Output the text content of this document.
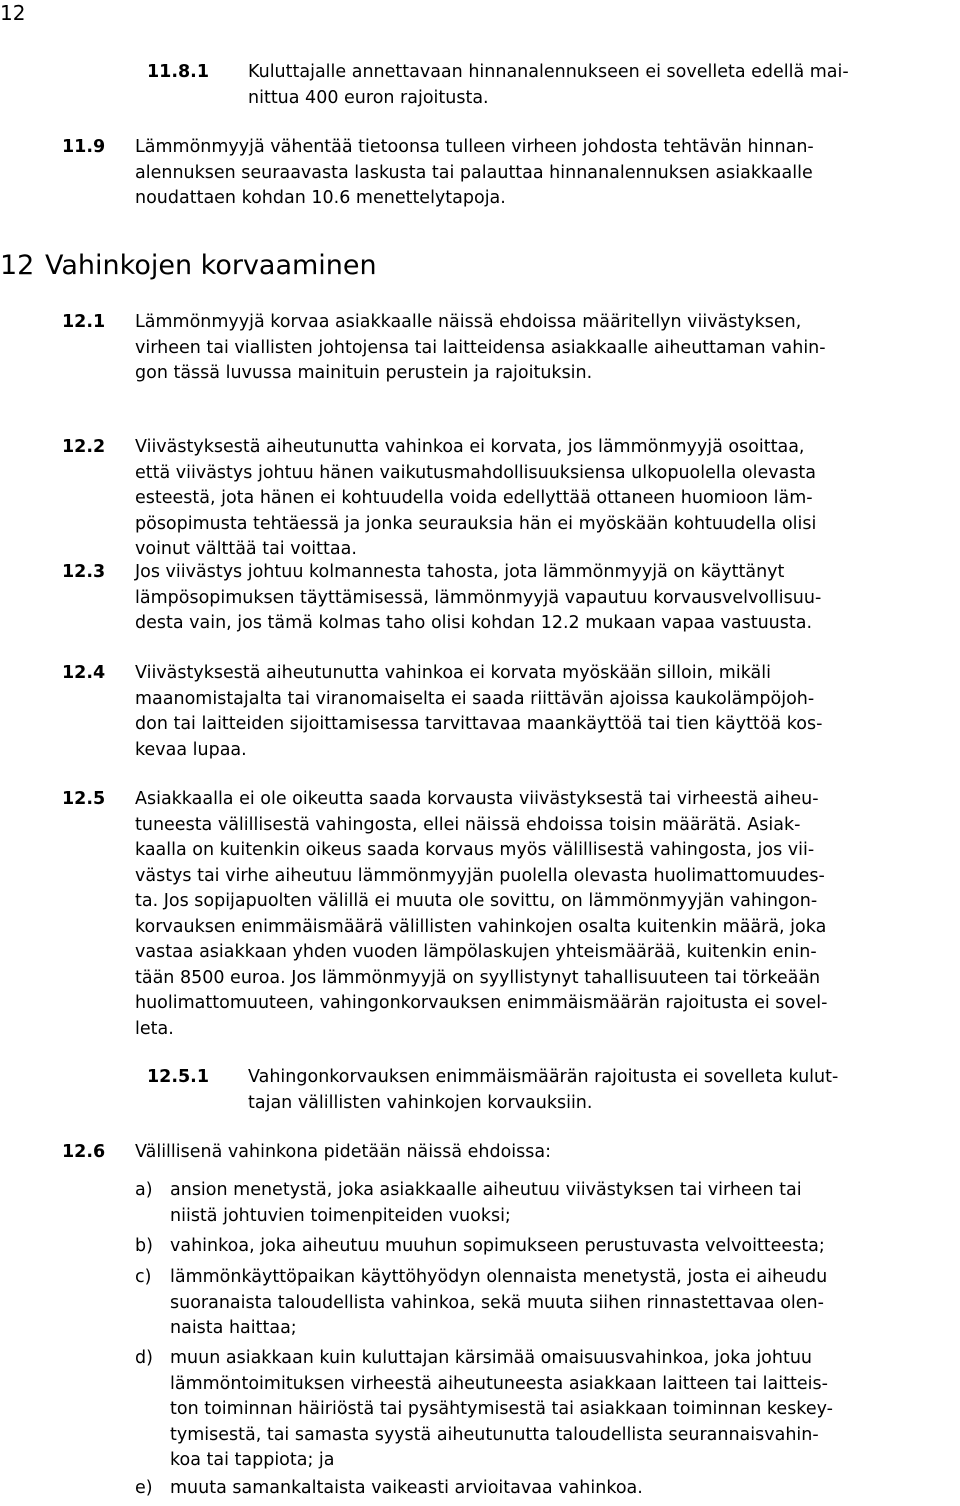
12
11.8.1 Kuluttajalle annettavaan hinnanalennukseen ei sovelleta edellä mai-
nittua 400 euron rajoitusta.
11.9 Lämmönmyyjä vähentää tietoonsa tulleen virheen johdosta tehtävän hinnan-
alennuksen seuraavasta laskusta tai palauttaa hinnanalennuksen asiakkaalle
noudattaen kohdan 10.6 menettelytapoja.
12 Vahinkojen korvaaminen
12.1 Lämmönmyyjä korvaa asiakkaalle näissä ehdoissa määritellyn viivästyksen,
virheen tai viallisten johtojensa tai laitteidensa asiakkaalle aiheuttaman vahin-
gon tässä luvussa mainituin perustein ja rajoituksin.
12.2 Viivästyksestä aiheutunutta vahinkoa ei korvata, jos lämmönmyyjä osoittaa,
että viivästys johtuu hänen vaikutusmahdollisuuksiensa ulkopuolella olevasta
esteestä, jota hänen ei kohtuudella voida edellyttää ottaneen huomioon läm-
pösopimusta tehtäessä ja jonka seurauksia hän ei myöskään kohtuudella olisi
voinut välttää tai voittaa.
12.3 Jos viivästys johtuu kolmannesta tahosta, jota lämmönmyyjä on käyttänyt
lämpösopimuksen täyttämisessä, lämmönmyyjä vapautuu korvausvelvollisuu-
desta vain, jos tämä kolmas taho olisi kohdan 12.2 mukaan vapaa vastuusta.
12.4 Viivästyksestä aiheutunutta vahinkoa ei korvata myöskään silloin, mikäli
maanomistajalta tai viranomaiselta ei saada riittävän ajoissa kaukolämpöjoh-
don tai laitteiden sijoittamisessa tarvittavaa maankäyttöä tai tien käyttöä kos-
kevaa lupaa.
12.5 Asiakkaalla ei ole oikeutta saada korvausta viivästyksestä tai virheestä aiheu-
tuneesta välillisestä vahingosta, ellei näissä ehdoissa toisin määrätä. Asiak-
kaalla on kuitenkin oikeus saada korvaus myös välillisestä vahingosta, jos vii-
västys tai virhe aiheutuu lämmönmyyjän puolella olevasta huolimattomuudes-
ta. Jos sopijapuolten välillä ei muuta ole sovittu, on lämmönmyyjän vahingon-
korvauksen enimmäismäärä välillisten vahinkojen osalta kuitenkin määrä, joka
vastaa asiakkaan yhden vuoden lämpölaskujen yhteismäärää, kuitenkin enin-
tään 8500 euroa. Jos lämmönmyyjä on syyllistynyt tahallisuuteen tai törkeään
huolimattomuuteen, vahingonkorvauksen enimmäismäärän rajoitusta ei sovel-
leta.
12.5.1 Vahingonkorvauksen enimmäismäärän rajoitusta ei sovelleta kulut-
tajan välillisten vahinkojen korvauksiin.
12.6 Välillisenä vahinkona pidetään näissä ehdoissa:
a) ansion menetystä, joka asiakkaalle aiheutuu viivästyksen tai virheen tai
niistä johtuvien toimenpiteiden vuoksi;
b) vahinkoa, joka aiheutuu muuhun sopimukseen perustuvasta velvoitteesta;
c) lämmönkäyttöpaikan käyttöhyödyn olennaista menetystä, josta ei aiheudu
suoranaista taloudellista vahinkoa, sekä muuta siihen rinnastettavaa olen-
naista haittaa;
d) muun asiakkaan kuin kuluttajan kärsimää omaisuusvahinkoa, joka johtuu
lämmöntoimituksen virheestä aiheutuneesta asiakkaan laitteen tai laitteis-
ton toiminnan häiriöstä tai pysähtymisestä tai asiakkaan toiminnan keskey-
tymisestä, tai samasta syystä aiheutunutta taloudellista seurannaisvahin-
koa tai tappiota; ja
e) muuta samankaltaista vaikeasti arvioitavaa vahinkoa.
